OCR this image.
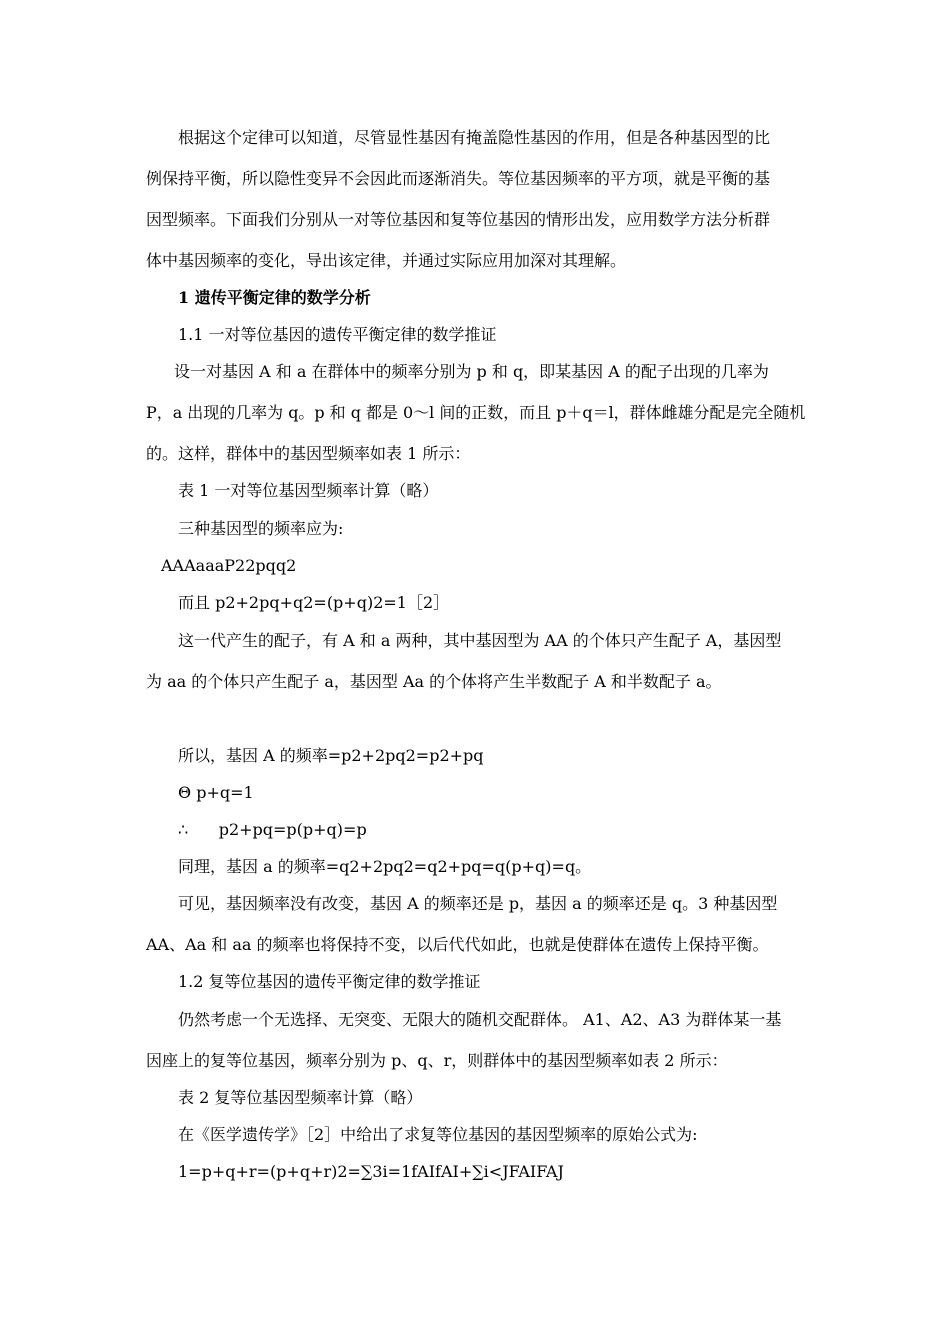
根据这个定律可以知道，尽管显性基因有掩盖隐性基因的作用，但是各种基因型的比
例保持平衡，所以隐性变异不会因此而逐渐消失。等位基因频率的平方项，就是平衡的基
因型频率。下面我们分别从一对等位基因和复等位基因的情形出发，应用数学方法分析群
体中基因频率的变化，导出该定律，并通过实际应用加深对其理解。
1 遗传平衡定律的数学分析
1.1 一对等位基因的遗传平衡定律的数学推证
设一对基因 A 和 a 在群体中的频率分别为 p 和 q，即某基因 A 的配子出现的几率为
P，a 出现的几率为 q。p 和 q 都是 0～l 间的正数，而且 p＋q＝l，群体雌雄分配是完全随机
的。这样，群体中的基因型频率如表 1 所示：
表 1 一对等位基因型频率计算（略）
三种基因型的频率应为:
AAAaaaP22pqq2
而且 p2+2pq+q2=(p+q)2=1［2］
这一代产生的配子，有 A 和 a 两种，其中基因型为 AA 的个体只产生配子 A，基因型
为 aa 的个体只产生配子 a，基因型 Aa 的个体将产生半数配子 A 和半数配子 a。
所以，基因 A 的频率=p2+2pq2=p2+pq
Θ p+q=1
∴      p2+pq=p(p+q)=p
同理，基因 a 的频率=q2+2pq2=q2+pq=q(p+q)=q。
可见，基因频率没有改变，基因 A 的频率还是 p，基因 a 的频率还是 q。3 种基因型
AA、Aa 和 aa 的频率也将保持不变，以后代代如此，也就是使群体在遗传上保持平衡。
1.2 复等位基因的遗传平衡定律的数学推证
仍然考虑一个无选择、无突变、无限大的随机交配群体。 A1、A2、A3 为群体某一基
因座上的复等位基因，频率分别为 p、q、r，则群体中的基因型频率如表 2 所示：
表 2 复等位基因型频率计算（略）
在《医学遗传学》［2］中给出了求复等位基因的基因型频率的原始公式为:
1=p+q+r=(p+q+r)2=∑3i=1fAIfAI+∑i<JFAIFAJ
